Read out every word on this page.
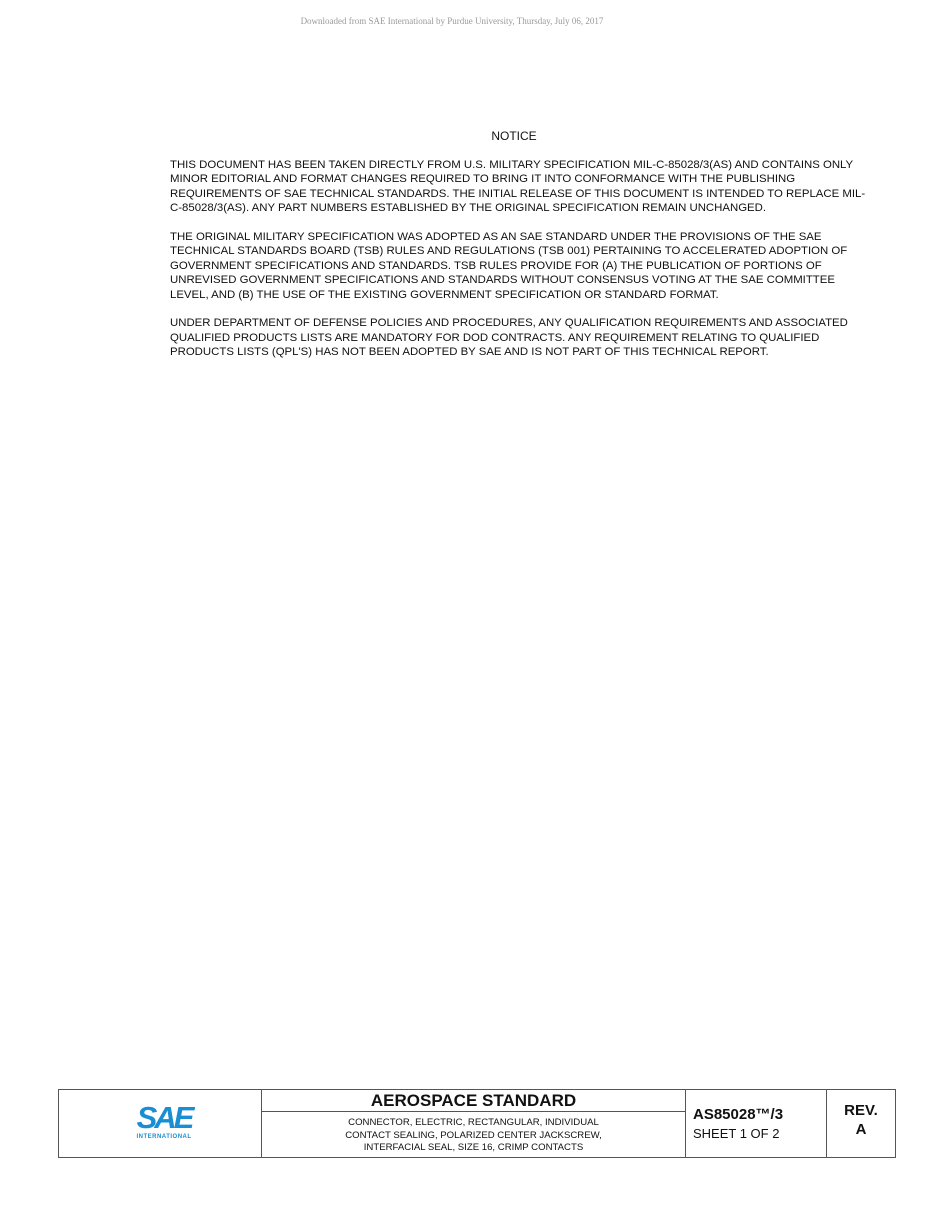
Downloaded from SAE International by Purdue University, Thursday, July 06, 2017
NOTICE

THIS DOCUMENT HAS BEEN TAKEN DIRECTLY FROM U.S. MILITARY SPECIFICATION MIL-C-85028/3(AS) AND CONTAINS ONLY MINOR EDITORIAL AND FORMAT CHANGES REQUIRED TO BRING IT INTO CONFORMANCE WITH THE PUBLISHING REQUIREMENTS OF SAE TECHNICAL STANDARDS. THE INITIAL RELEASE OF THIS DOCUMENT IS INTENDED TO REPLACE MIL-C-85028/3(AS). ANY PART NUMBERS ESTABLISHED BY THE ORIGINAL SPECIFICATION REMAIN UNCHANGED.

THE ORIGINAL MILITARY SPECIFICATION WAS ADOPTED AS AN SAE STANDARD UNDER THE PROVISIONS OF THE SAE TECHNICAL STANDARDS BOARD (TSB) RULES AND REGULATIONS (TSB 001) PERTAINING TO ACCELERATED ADOPTION OF GOVERNMENT SPECIFICATIONS AND STANDARDS. TSB RULES PROVIDE FOR (A) THE PUBLICATION OF PORTIONS OF UNREVISED GOVERNMENT SPECIFICATIONS AND STANDARDS WITHOUT CONSENSUS VOTING AT THE SAE COMMITTEE LEVEL, AND (B) THE USE OF THE EXISTING GOVERNMENT SPECIFICATION OR STANDARD FORMAT.

UNDER DEPARTMENT OF DEFENSE POLICIES AND PROCEDURES, ANY QUALIFICATION REQUIREMENTS AND ASSOCIATED QUALIFIED PRODUCTS LISTS ARE MANDATORY FOR DOD CONTRACTS. ANY REQUIREMENT RELATING TO QUALIFIED PRODUCTS LISTS (QPL'S) HAS NOT BEEN ADOPTED BY SAE AND IS NOT PART OF THIS TECHNICAL REPORT.

SAE
INTERNATIONAL
AEROSPACE STANDARD
CONNECTOR, ELECTRIC, RECTANGULAR, INDIVIDUAL
CONTACT SEALING, POLARIZED CENTER JACKSCREW,
INTERFACIAL SEAL, SIZE 16, CRIMP CONTACTS
AS85028™/3
SHEET 1 OF 2
REV.
A
